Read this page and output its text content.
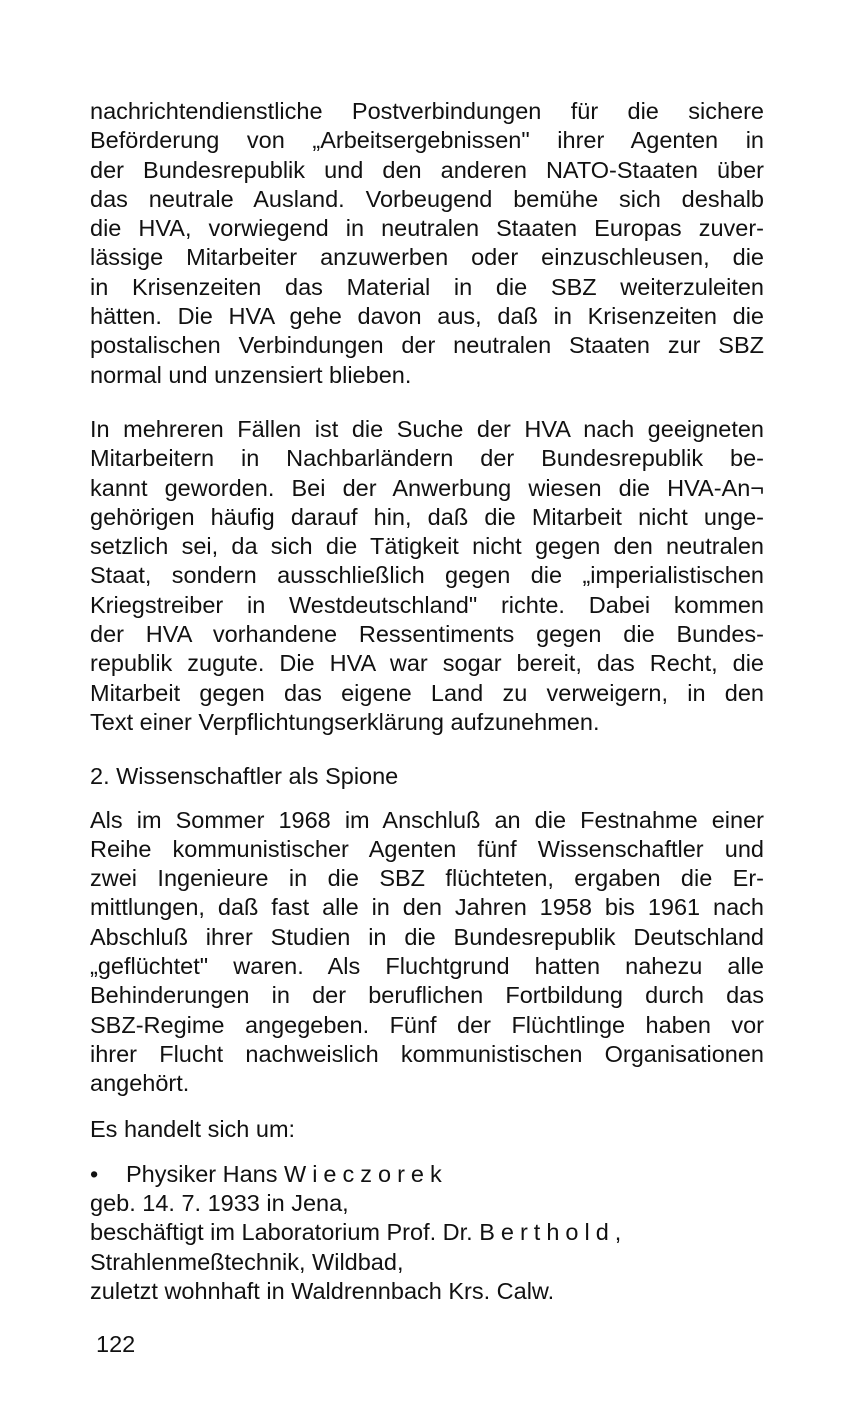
nachrichtendienstliche Postverbindungen für die sichere
Beförderung von „Arbeitsergebnissen" ihrer Agenten in
der Bundesrepublik und den anderen NATO-Staaten über
das neutrale Ausland. Vorbeugend bemühe sich deshalb
die HVA, vorwiegend in neutralen Staaten Europas zuver-
lässige Mitarbeiter anzuwerben oder einzuschleusen, die
in Krisenzeiten das Material in die SBZ weiterzuleiten
hätten. Die HVA gehe davon aus, daß in Krisenzeiten die
postalischen Verbindungen der neutralen Staaten zur SBZ
normal und unzensiert blieben.

In mehreren Fällen ist die Suche der HVA nach geeigneten
Mitarbeitern in Nachbarländern der Bundesrepublik be-
kannt geworden. Bei der Anwerbung wiesen die HVA-An¬
gehörigen häufig darauf hin, daß die Mitarbeit nicht unge-
setzlich sei, da sich die Tätigkeit nicht gegen den neutralen
Staat, sondern ausschließlich gegen die „imperialistischen
Kriegstreiber in Westdeutschland" richte. Dabei kommen
der HVA vorhandene Ressentiments gegen die Bundes-
republik zugute. Die HVA war sogar bereit, das Recht, die
Mitarbeit gegen das eigene Land zu verweigern, in den
Text einer Verpflichtungserklärung aufzunehmen.

2. Wissenschaftler als Spione

Als im Sommer 1968 im Anschluß an die Festnahme einer
Reihe kommunistischer Agenten fünf Wissenschaftler und
zwei Ingenieure in die SBZ flüchteten, ergaben die Er-
mittlungen, daß fast alle in den Jahren 1958 bis 1961 nach
Abschluß ihrer Studien in die Bundesrepublik Deutschland
„geflüchtet" waren. Als Fluchtgrund hatten nahezu alle
Behinderungen in der beruflichen Fortbildung durch das
SBZ-Regime angegeben. Fünf der Flüchtlinge haben vor
ihrer Flucht nachweislich kommunistischen Organisationen
angehört.

Es handelt sich um:

• Physiker Hans Wieczorek
geb. 14. 7. 1933 in Jena,
beschäftigt im Laboratorium Prof. Dr. Berthold,
Strahlenmeßtechnik, Wildbad,
zuletzt wohnhaft in Waldrennbach Krs. Calw.
122
